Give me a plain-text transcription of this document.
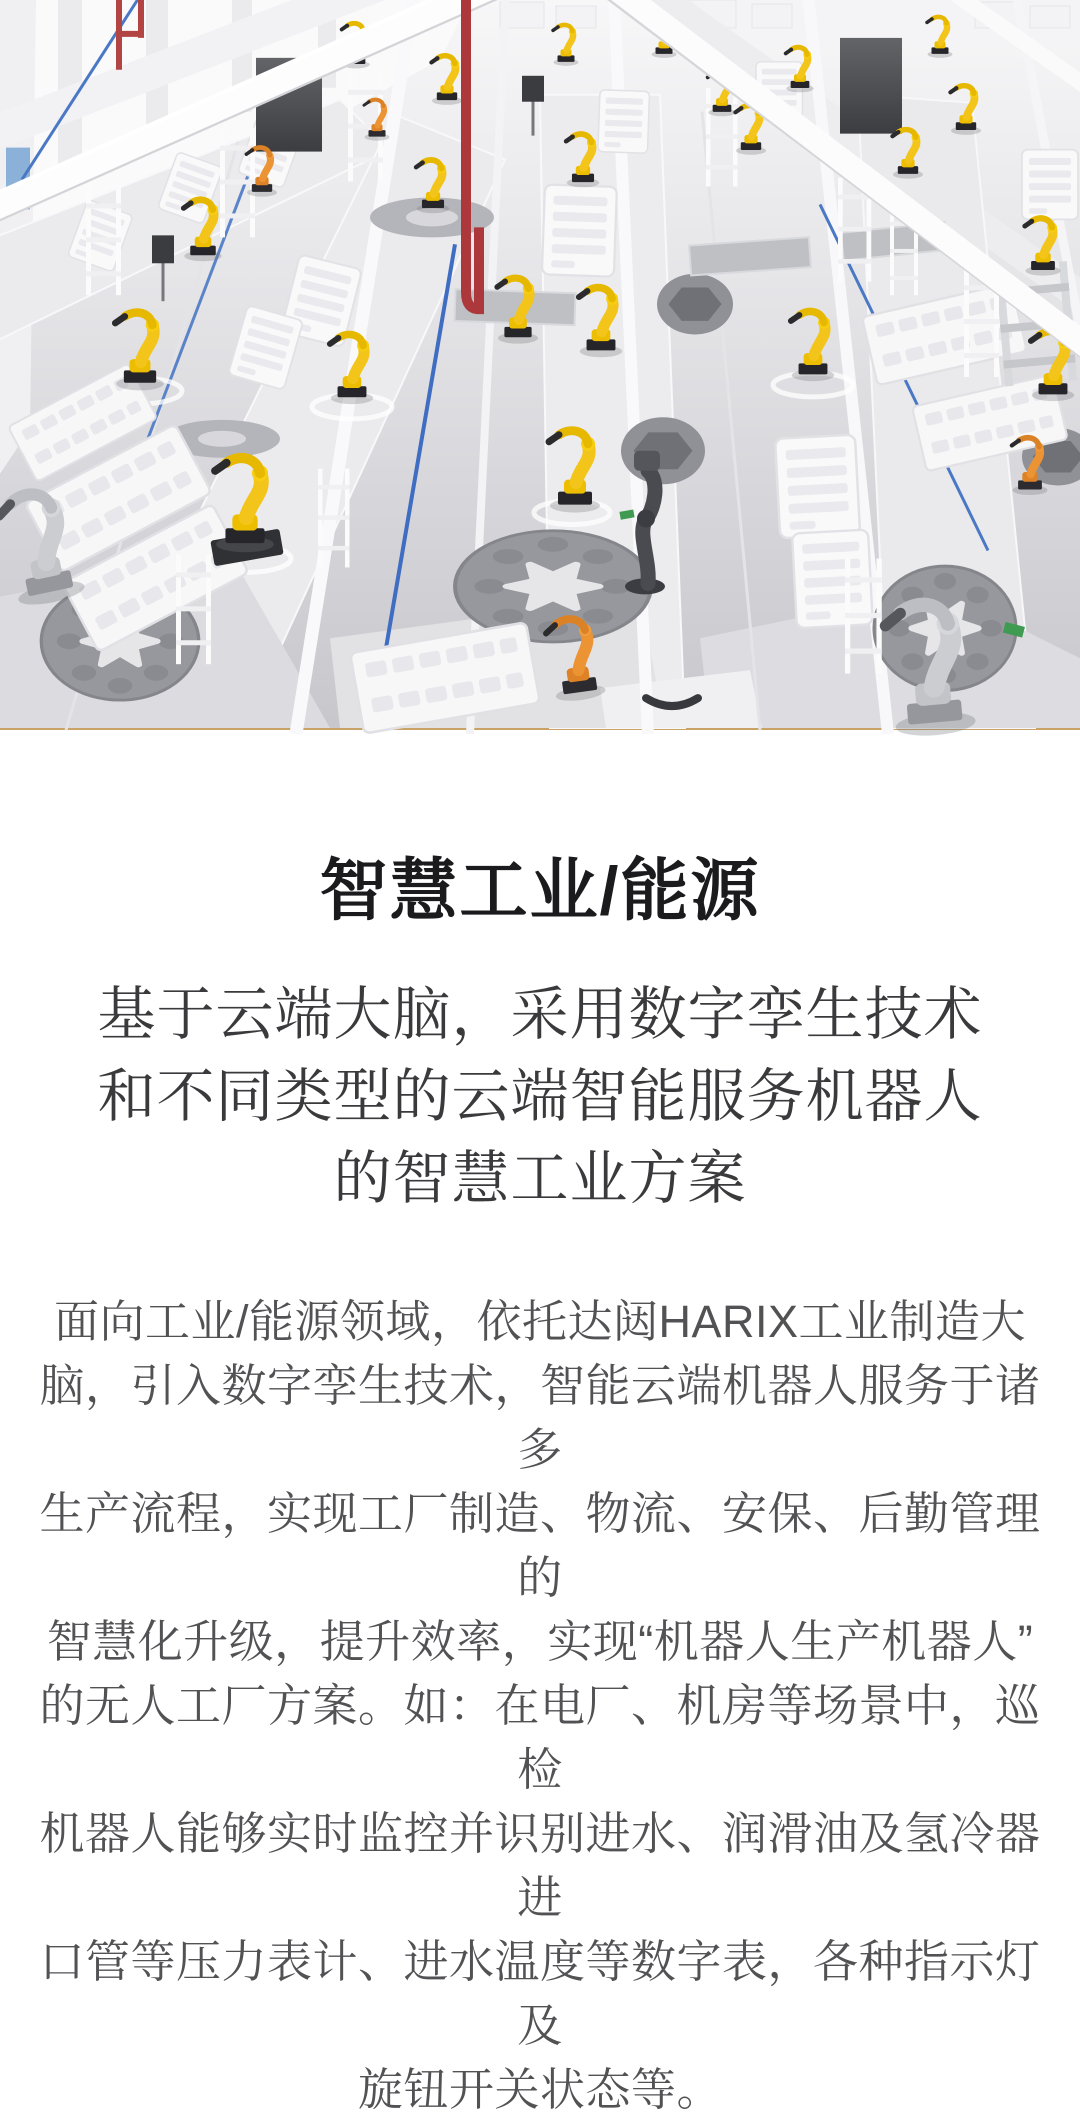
智慧工业/能源

基于云端大脑，采用数字孪生技术

和不同类型的云端智能服务机器人

的智慧工业方案

面向工业/能源领域，依托达闼HARIX工业制造大

脑，引入数字孪生技术，智能云端机器人服务于诸多

生产流程，实现工厂制造、物流、安保、后勤管理的

智慧化升级，提升效率，实现“机器人生产机器人”

的无人工厂方案。如：在电厂、机房等场景中，巡检

机器人能够实时监控并识别进水、润滑油及氢冷器进

口管等压力表计、进水温度等数字表，各种指示灯及

旋钮开关状态等。
